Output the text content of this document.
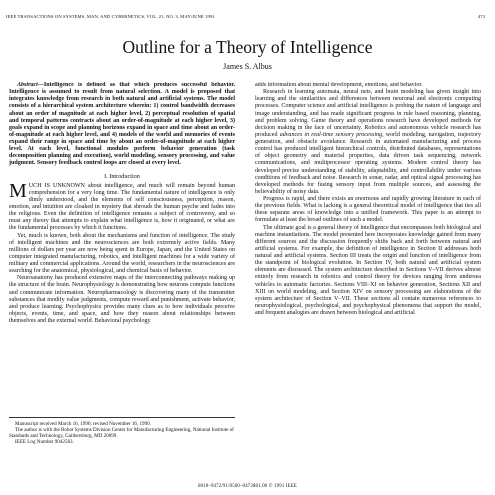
IEEE TRANSACTIONS ON SYSTEMS, MAN, AND CYBERNETICS, VOL. 21, NO. 3, MAY/JUNE 1991	473
Outline for a Theory of Intelligence
James S. Albus

Abstract—Intelligence is defined as that which produces successful behavior. Intelligence is assumed to result from natural selection. A model is proposed that integrates knowledge from research in both natural and artificial systems. The model consists of a hierarchical system architecture wherein: 1) control bandwidth decreases about an order of magnitude at each higher level, 2) perceptual resolution of spatial and temporal patterns contracts about an order-of-magnitude at each higher level, 3) goals expand in scope and planning horizons expand in space and time about an order-of-magnitude at each higher level, and 4) models of the world and memories of events expand their range in space and time by about an order-of-magnitude at each higher level. At each level, functional modules perform behavior generation (task decomposition planning and execution), world modeling, sensory processing, and value judgment. Sensory feedback control loops are closed at every level.

I. Introduction

MUCH IS UNKNOWN about intelligence, and much will remain beyond human comprehension for a very long time. The fundamental nature of intelligence is only dimly understood, and the elements of self consciousness, perception, reason, emotion, and intuition are cloaked in mystery that shrouds the human psyche and fades into the religious. Even the definition of intelligence remains a subject of controversy, and so must any theory that attempts to explain what intelligence is, how it originated, or what are the fundamental processes by which it functions.

Yet, much is known, both about the mechanisms and function of intelligence. The study of intelligent machines and the neurosciences are both extremely active fields. Many millions of dollars per year are now being spent in Europe, Japan, and the United States on computer integrated manufacturing, robotics, and intelligent machines for a wide variety of military and commercial applications. Around the world, researchers in the neurosciences are searching for the anatomical, physiological, and chemical basis of behavior.

Neuroanatomy has produced extensive maps of the interconnecting pathways making up the structure of the brain. Neurophysiology is demonstrating how neurons compute functions and communicate information. Neuropharmacology is discovering many of the transmitter substances that modify value judgments, compute reward and punishment, activate behavior, and produce learning. Psychophysics provides many clues as to how individuals perceive objects, events, time, and space, and how they reason about relationships between themselves and the external world. Behavioral psychology

Manuscript received March 16, 1990; revised November 16, 1990.

The author is with the Robot Systems Division Center for Manufacturing Engineering, National Institute of Standards and Technology, Gaithersburg, MD 20899.

IEEE Log Number 9042583.

adds information about mental development, emotions, and behavior.

Research in learning automata, neural nets, and brain modeling has given insight into learning and the similarities and differences between neuronal and electronic computing processes. Computer science and artificial intelligence is probing the nature of language and image understanding, and has made significant progress in rule based reasoning, planning, and problem solving. Game theory and operations research have developed methods for decision making in the face of uncertainty. Robotics and autonomous vehicle research has produced advances in real-time sensory processing, world modeling, navigation, trajectory generation, and obstacle avoidance. Research in automated manufacturing and process control has produced intelligent hierarchical controls, distributed databases, representations of object geometry and material properties, data driven task sequencing, network communications, and multiprocessor operating systems. Modern control theory has developed precise understanding of stability, adaptability, and controllability under various conditions of feedback and noise. Research in sonar, radar, and optical signal processing has developed methods for fusing sensory input from multiple sources, and assessing the believability of noisy data.

Progress is rapid, and there exists an enormous and rapidly growing literature in each of the previous fields. What is lacking is a general theoretical model of intelligence that ties all these separate areas of knowledge into a unified framework. This paper is an attempt to formulate at least the broad outlines of such a model.

The ultimate goal is a general theory of intelligence that encompasses both biological and machine instantiations. The model presented here incorporates knowledge gained from many different sources and the discussion frequently shifts back and forth between natural and artificial systems. For example, the definition of intelligence in Section II addresses both natural and artificial systems. Section III treats the origin and function of intelligence from the standpoint of biological evolution. In Section IV, both natural and artificial system elements are discussed. The system architecture described in Sections V–VII derives almost entirely from research in robotics and control theory for devices ranging from undersea vehicles to automatic factories. Sections VIII–XI on behavior generation, Sections XII and XIII on world modeling, and Section XIV on sensory processing are elaborations of the system architecture of Section V–VII. These sections all contain numerous references to neurophysiological, psychological, and psychophysical phenomena that support the model, and frequent analogies are drawn between biological and artificial

0018–9472/91/0500–0473$01.00 © 1991 IEEE
